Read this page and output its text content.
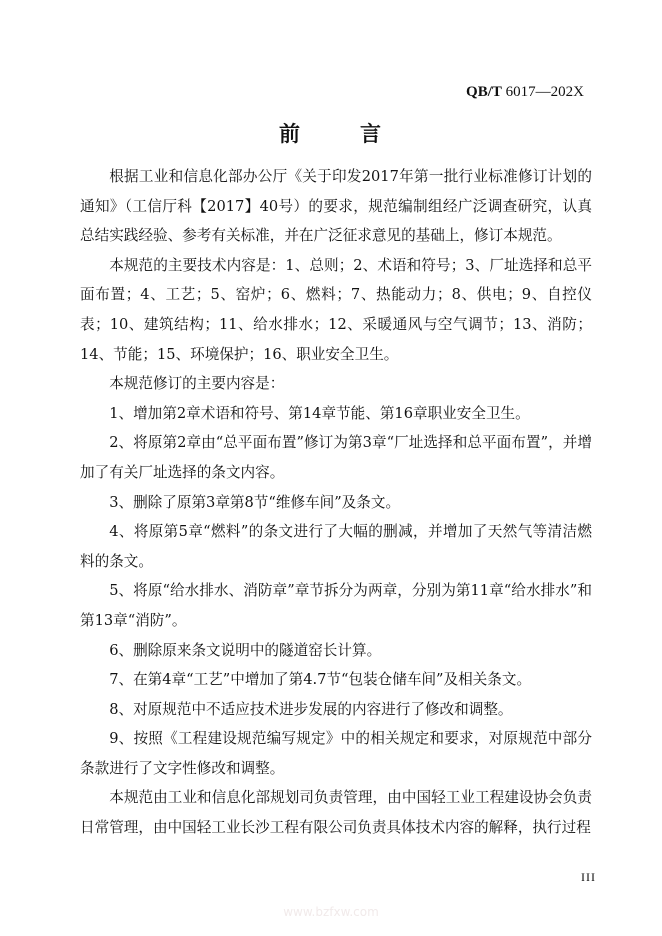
QB/T 6017—202X
前	言

根据工业和信息化部办公厅《关于印发2017年第一批行业标准修订计划的通知》（工信厅科【2017】40号）的要求，规范编制组经广泛调查研究，认真总结实践经验、参考有关标准，并在广泛征求意见的基础上，修订本规范。

本规范的主要技术内容是：1、总则；2、术语和符号；3、厂址选择和总平面布置；4、工艺；5、窑炉；6、燃料；7、热能动力；8、供电；9、自控仪表；10、建筑结构；11、给水排水；12、采暖通风与空气调节；13、消防；14、节能；15、环境保护；16、职业安全卫生。

本规范修订的主要内容是：

1、增加第2章术语和符号、第14章节能、第16章职业安全卫生。

2、将原第2章由“总平面布置”修订为第3章“厂址选择和总平面布置”，并增加了有关厂址选择的条文内容。

3、删除了原第3章第8节“维修车间”及条文。

4、将原第5章“燃料”的条文进行了大幅的删减，并增加了天然气等清洁燃料的条文。

5、将原“给水排水、消防章”章节拆分为两章，分别为第11章“给水排水”和第13章“消防”。

6、删除原来条文说明中的隧道窑长计算。

7、在第4章“工艺”中增加了第4.7节“包装仓储车间”及相关条文。

8、对原规范中不适应技术进步发展的内容进行了修改和调整。

9、按照《工程建设规范编写规定》中的相关规定和要求，对原规范中部分条款进行了文字性修改和调整。

本规范由工业和信息化部规划司负责管理，由中国轻工业工程建设协会负责日常管理，由中国轻工业长沙工程有限公司负责具体技术内容的解释，执行过程

III
www.bzfxw.com
